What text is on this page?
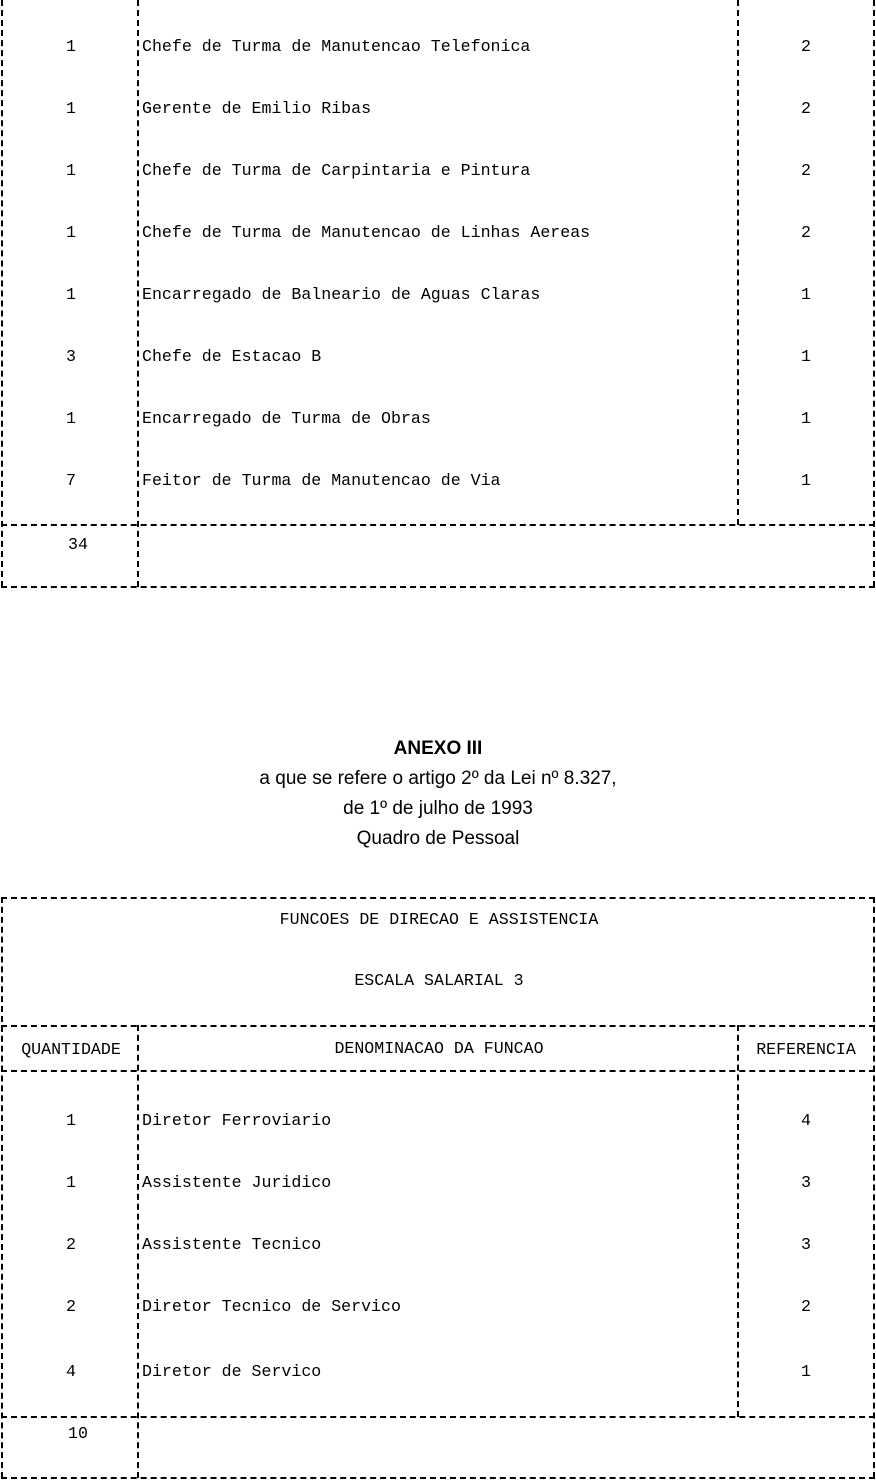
1	Chefe de Turma de Manutencao Telefonica	2
1	Gerente de Emilio Ribas	2
1	Chefe de Turma de Carpintaria e Pintura	2
1	Chefe de Turma de Manutencao de Linhas Aereas	2
1	Encarregado de Balneario de Aguas Claras	1
3	Chefe de Estacao B	1
1	Encarregado de Turma de Obras	1
7	Feitor de Turma de Manutencao de Via	1
34
ANEXO III
a que se refere o artigo 2º da Lei nº 8.327,
de 1º de julho de 1993
Quadro de Pessoal
FUNCOES DE DIRECAO E ASSISTENCIA
ESCALA SALARIAL 3
QUANTIDADE	DENOMINACAO DA FUNCAO	REFERENCIA
1	Diretor Ferroviario	4
1	Assistente Juridico	3
2	Assistente Tecnico	3
2	Diretor Tecnico de Servico	2
4	Diretor de Servico	1
10
